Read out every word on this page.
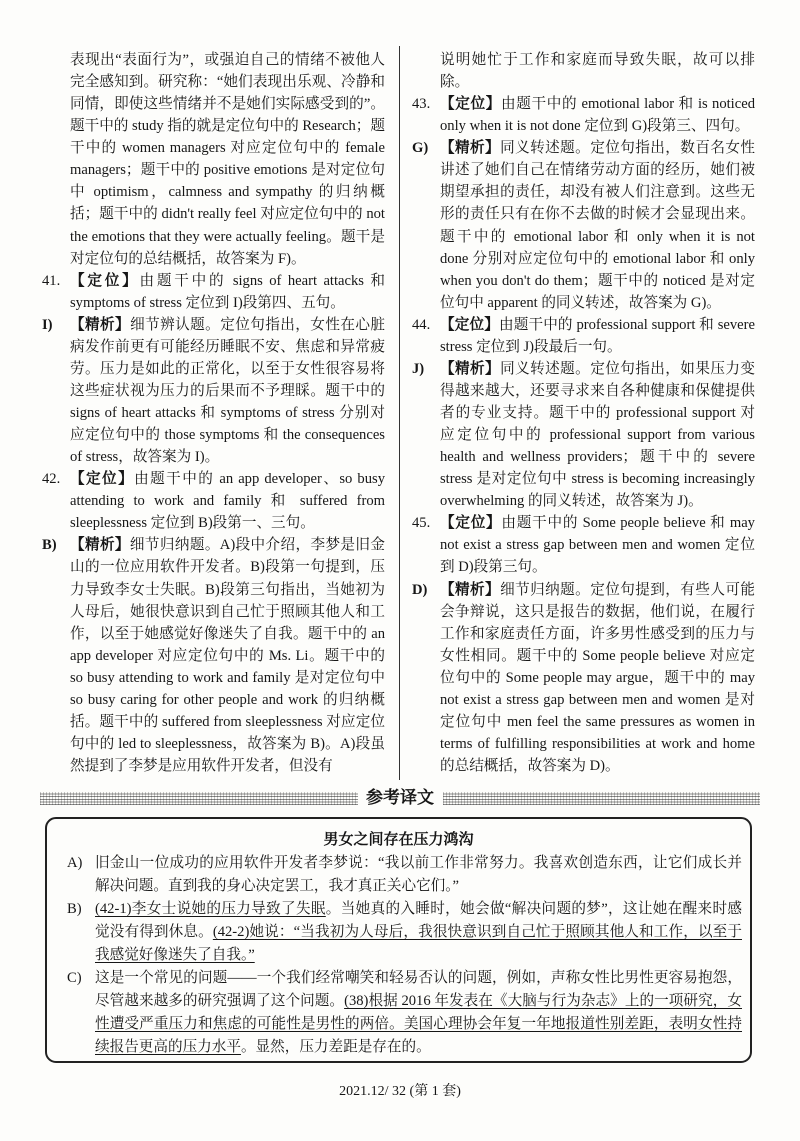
表现出“表面行为”，或强迫自己的情绪不被他人完全感知到。研究称：“她们表现出乐观、冷静和同情，即使这些情绪并不是她们实际感受到的”。题干中的 study 指的就是定位句中的 Research；题干中的 women managers 对应定位句中的 female managers；题干中的 positive emotions 是对定位句中 optimism，calmness and sympathy 的归纳概括；题干中的 didn't really feel 对应定位句中的 not the emotions that they were actually feeling。题干是对定位句的总结概括，故答案为 F)。
41. 【定位】由题干中的 signs of heart attacks 和 symptoms of stress 定位到 I)段第四、五句。
I)	【精析】细节辨认题。定位句指出，女性在心脏病发作前更有可能经历睡眠不安、焦虑和异常疲劳。压力是如此的正常化，以至于女性很容易将这些症状视为压力的后果而不予理睬。题干中的 signs of heart attacks 和 symptoms of stress 分别对应定位句中的 those symptoms 和 the consequences of stress，故答案为 I)。
42. 【定位】由题干中的 an app developer、so busy attending to work and family 和 suffered from sleeplessness 定位到 B)段第一、三句。
B) 【精析】细节归纳题。A)段中介绍，李梦是旧金山的一位应用软件开发者。B)段第一句提到，压力导致李女士失眠。B)段第三句指出，当她初为人母后，她很快意识到自己忙于照顾其他人和工作，以至于她感觉好像迷失了自我。题干中的 an app developer 对应定位句中的 Ms. Li。题干中的 so busy attending to work and family 是对定位句中 so busy caring for other people and work 的归纳概括。题干中的 suffered from sleeplessness 对应定位句中的 led to sleeplessness，故答案为 B)。A)段虽然提到了李梦是应用软件开发者，但没有
说明她忙于工作和家庭而导致失眠，故可以排除。
43. 【定位】由题干中的 emotional labor 和 is noticed only when it is not done 定位到 G)段第三、四句。
G) 【精析】同义转述题。定位句指出，数百名女性讲述了她们自己在情绪劳动方面的经历，她们被期望承担的责任，却没有被人们注意到。这些无形的责任只有在你不去做的时候才会显现出来。题干中的 emotional labor 和 only when it is not done 分别对应定位句中的 emotional labor 和 only when you don't do them；题干中的 noticed 是对定位句中 apparent 的同义转述，故答案为 G)。
44. 【定位】由题干中的 professional support 和 severe stress 定位到 J)段最后一句。
J)	【精析】同义转述题。定位句指出，如果压力变得越来越大，还要寻求来自各种健康和保健提供者的专业支持。题干中的 professional support 对应定位句中的 professional support from various health and wellness providers；题干中的 severe stress 是对定位句中 stress is becoming increasingly overwhelming 的同义转述，故答案为 J)。
45. 【定位】由题干中的 Some people believe 和 may not exist a stress gap between men and women 定位到 D)段第三句。
D) 【精析】细节归纳题。定位句提到，有些人可能会争辩说，这只是报告的数据，他们说，在履行工作和家庭责任方面，许多男性感受到的压力与女性相同。题干中的 Some people believe 对应定位句中的 Some people may argue，题干中的 may not exist a stress gap between men and women 是对定位句中 men feel the same pressures as women in terms of fulfilling responsibilities at work and home 的总结概括，故答案为 D)。
参考译文
男女之间存在压力鸿沟
A) 旧金山一位成功的应用软件开发者李梦说：“我以前工作非常努力。我喜欢创造东西，让它们成长并解决问题。直到我的身心决定罢工，我才真正关心它们。”
B) (42-1)李女士说她的压力导致了失眠。当她真的入睡时，她会做“解决问题的梦”，这让她在醒来时感觉没有得到休息。(42-2)她说：“当我初为人母后，我很快意识到自己忙于照顾其他人和工作，以至于我感觉好像迷失了自我。”
C) 这是一个常见的问题——一个我们经常嘲笑和轻易否认的问题，例如，声称女性比男性更容易抱怨，尽管越来越多的研究强调了这个问题。(38)根据 2016 年发表在《大脑与行为杂志》上的一项研究，女性遭受严重压力和焦虑的可能性是男性的两倍。美国心理协会年复一年地报道性别差距，表明女性持续报告更高的压力水平。显然，压力差距是存在的。
2021.12/ 32 (第 1 套)
